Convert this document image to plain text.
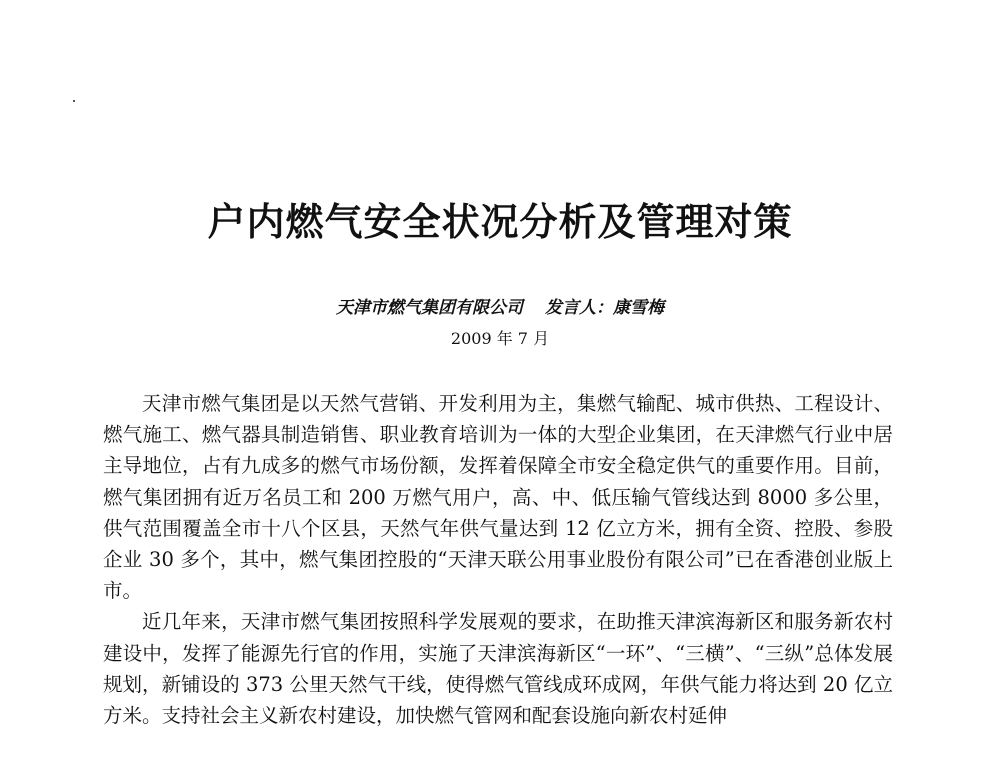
户内燃气安全状况分析及管理对策
天津市燃气集团有限公司 发言人：康雪梅
2009 年 7 月

天津市燃气集团是以天然气营销、开发利用为主，集燃气输配、城市供热、工程设计、燃气施工、燃气器具制造销售、职业教育培训为一体的大型企业集团，在天津燃气行业中居主导地位，占有九成多的燃气市场份额，发挥着保障全市安全稳定供气的重要作用。目前，燃气集团拥有近万名员工和 200 万燃气用户，高、中、低压输气管线达到 8000 多公里，供气范围覆盖全市十八个区县，天然气年供气量达到 12 亿立方米，拥有全资、控股、参股企业 30 多个，其中，燃气集团控股的“天津天联公用事业股份有限公司”已在香港创业版上市。

近几年来，天津市燃气集团按照科学发展观的要求，在助推天津滨海新区和服务新农村建设中，发挥了能源先行官的作用，实施了天津滨海新区“一环”、“三横”、“三纵”总体发展规划，新铺设的 373 公里天然气干线，使得燃气管线成环成网，年供气能力将达到 20 亿立方米。支持社会主义新农村建设，加快燃气管网和配套设施向新农村延伸
